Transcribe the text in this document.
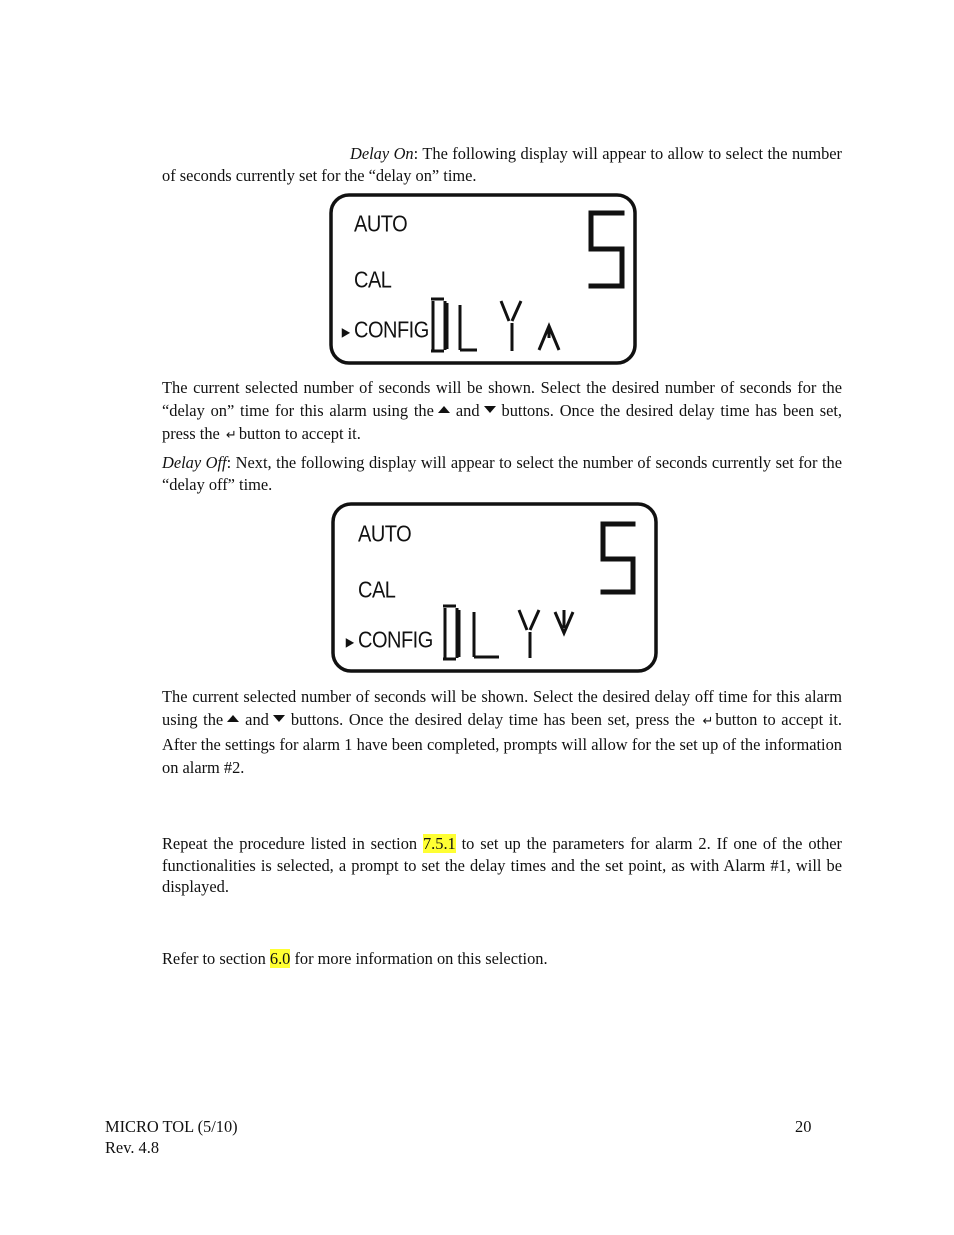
Delay On: The following display will appear to allow to select the number of seconds currently set for the “delay on” time.

AUTO
CAL
► CONFIG

The current selected number of seconds will be shown. Select the desired number of seconds for the “delay on” time for this alarm using the and buttons. Once the desired delay time has been set, press the ↵ button to accept it.

Delay Off: Next, the following display will appear to select the number of seconds currently set for the “delay off” time.

AUTO
CAL
► CONFIG

The current selected number of seconds will be shown. Select the desired delay off time for this alarm using the and buttons. Once the desired delay time has been set, press the ↵ button to accept it. After the settings for alarm 1 have been completed, prompts will allow for the set up of the information on alarm #2.

Repeat the procedure listed in section 7.5.1 to set up the parameters for alarm 2. If one of the other functionalities is selected, a prompt to set the delay times and the set point, as with Alarm #1, will be displayed.

Refer to section 6.0 for more information on this selection.

MICRO TOL (5/10)
Rev. 4.8
20
